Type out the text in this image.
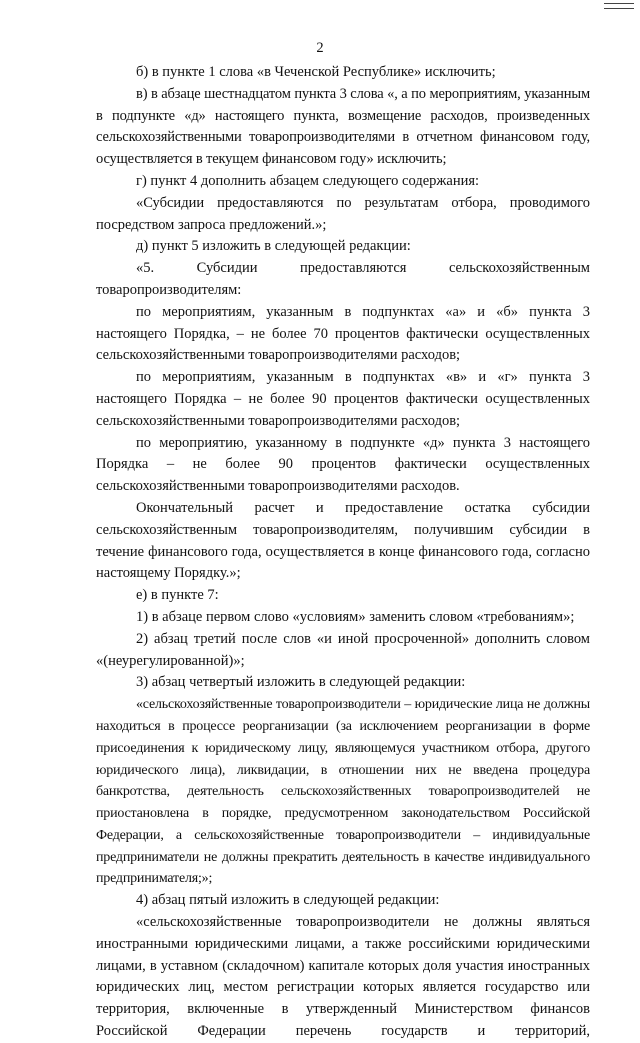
2

б) в пункте 1 слова «в Чеченской Республике» исключить;

в) в абзаце шестнадцатом пункта 3 слова «, а по мероприятиям, указанным в подпункте «д» настоящего пункта, возмещение расходов, произведенных сельскохозяйственными товаропроизводителями в отчетном финансовом году, осуществляется в текущем финансовом году» исключить;

г) пункт 4 дополнить абзацем следующего содержания:

«Субсидии предоставляются по результатам отбора, проводимого посредством запроса предложений.»;

д) пункт 5 изложить в следующей редакции:

«5. Субсидии предоставляются сельскохозяйственным товаропроизводителям:

по мероприятиям, указанным в подпунктах «а» и «б» пункта 3 настоящего Порядка, – не более 70 процентов фактически осуществленных сельскохозяйственными товаропроизводителями расходов;

по мероприятиям, указанным в подпунктах «в» и «г» пункта 3 настоящего Порядка – не более 90 процентов фактически осуществленных сельскохозяйственными товаропроизводителями расходов;

по мероприятию, указанному в подпункте «д» пункта 3 настоящего Порядка – не более 90 процентов фактически осуществленных сельскохозяйственными товаропроизводителями расходов.

Окончательный расчет и предоставление остатка субсидии сельскохозяйственным товаропроизводителям, получившим субсидии в течение финансового года, осуществляется в конце финансового года, согласно настоящему Порядку.»;

е) в пункте 7:

1) в абзаце первом слово «условиям» заменить словом «требованиям»;

2) абзац третий после слов «и иной просроченной» дополнить словом «(неурегулированной)»;

3) абзац четвертый изложить в следующей редакции:

«сельскохозяйственные товаропроизводители – юридические лица не должны находиться в процессе реорганизации (за исключением реорганизации в форме присоединения к юридическому лицу, являющемуся участником отбора, другого юридического лица), ликвидации, в отношении них не введена процедура банкротства, деятельность сельскохозяйственных товаропроизводителей не приостановлена в порядке, предусмотренном законодательством Российской Федерации, а сельскохозяйственные товаропроизводители – индивидуальные предприниматели не должны прекратить деятельность в качестве индивидуального предпринимателя;»;

4) абзац пятый изложить в следующей редакции:

«сельскохозяйственные товаропроизводители не должны являться иностранными юридическими лицами, а также российскими юридическими лицами, в уставном (складочном) капитале которых доля участия иностранных юридических лиц, местом регистрации которых является государство или территория, включенные в утвержденный Министерством финансов Российской Федерации перечень государств и территорий,
